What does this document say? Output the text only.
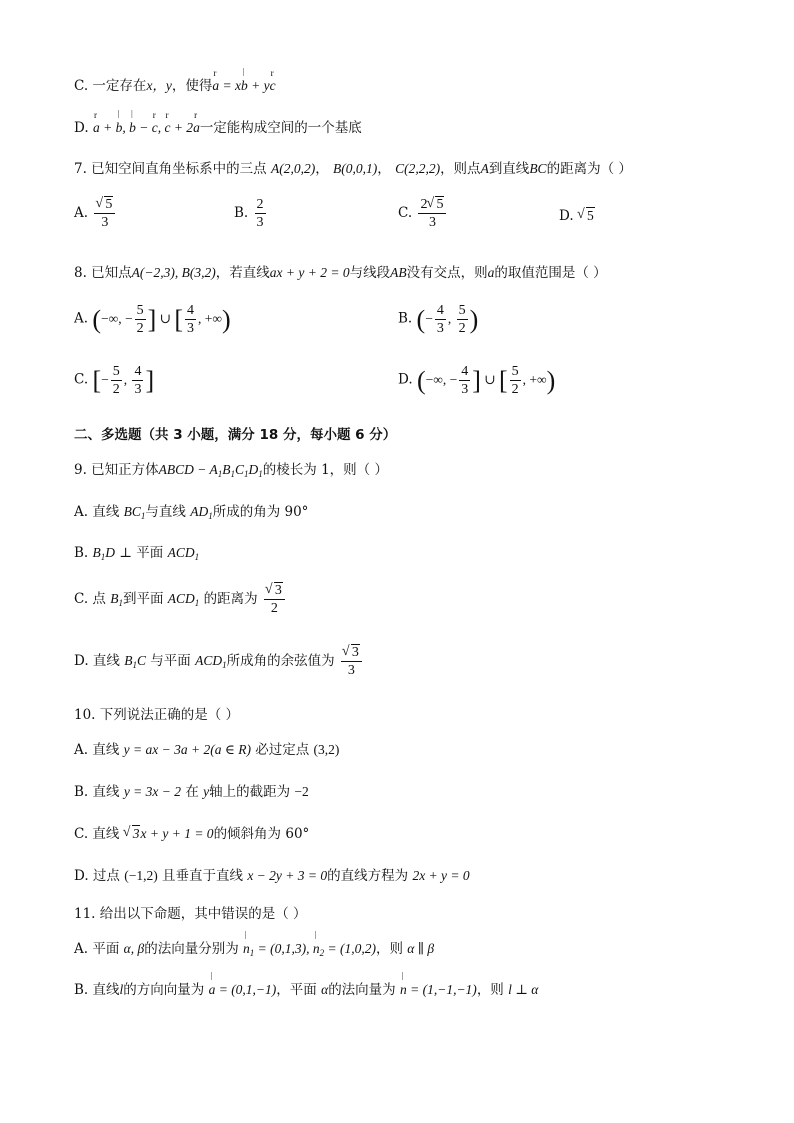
C. 一定存在x，y，使得r a = x| b + yr c
D. r a + | b, | b − r c, r c + 2r a一定能构成空间的一个基底
7. 已知空间直角坐标系中的三点 A(2,0,2)， B(0,0,1)， C(2,2,2)，则点A到直线BC的距离为（ ）
A. √ $\frac{5}{3}$	B. $\frac{2}{3}$	C. $\frac{2 √ 5}{3}$	D. √ 5
8. 已知点A(−2,3), B(3,2)，若直线ax + y + 2 = 0与线段AB没有交点，则a的取值范围是（ ）
A. (−∞, − $\frac{5}{2}$ ] ∪ [ $\frac{4}{3}$ , +∞)	B. (− $\frac{4}{3}$ , $\frac{5}{2}$ )
C. [− $\frac{5}{2}$ , $\frac{4}{3}$ ]	D. (−∞, − $\frac{4}{3}$ ] ∪ [ $\frac{5}{2}$ , +∞)
二、多选题（共 3 小题，满分 18 分，每小题 6 分）
9. 已知正方体ABCD − $A_1B_1C_1D_1$的棱长为 1，则（ ）
A. 直线 $BC_1$与直线 $AD_1$所成的角为 90°
B. $B_1D$ ⊥ 平面 $ACD_1$
C. 点 $B_1$到平面 $ACD_1$ 的距离为 √ $\frac{3}{2}$
D. 直线 $B_1C$ 与平面 $ACD_1$所成角的余弦值为 √ $\frac{3}{3}$
10. 下列说法正确的是（ ）
A. 直线 y = ax − 3a + 2(a ∈ R) 必过定点 (3,2)
B. 直线 y = 3x − 2 在 y轴上的截距为 −2
C. 直线 √ 3x + y + 1 = 0的倾斜角为 60°
D. 过点 (−1,2) 且垂直于直线 x − 2y + 3 = 0的直线方程为 2x + y = 0
11. 给出以下命题，其中错误的是（ ）
A. 平面 α, β的法向量分别为 | $n_1 = (0,1,3)$, | $n_2 = (1,0,2)$，则 α ∥ β
B. 直线l的方向向量为 | a = (0,1,−1)，平面 α的法向量为 | n = (1,−1,−1)，则 l ⊥ α
